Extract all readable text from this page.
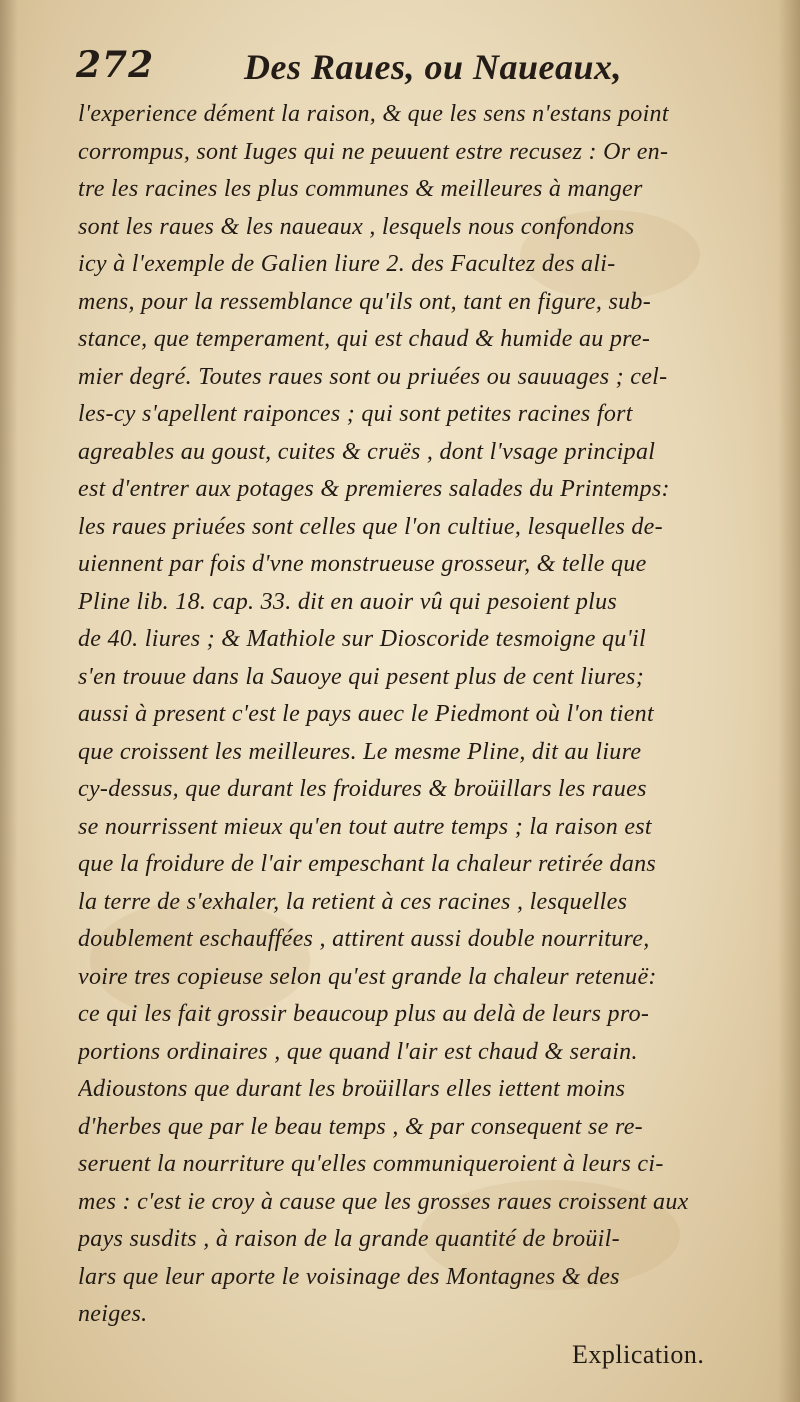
272 Des Raues, ou Naueaux,
l'experience dément la raison, & que les sens n'estans point
corrompus, sont Iuges qui ne peuuent estre recusez : Or en-
tre les racines les plus communes & meilleures à manger
sont les raues & les naueaux , lesquels nous confondons
icy à l'exemple de Galien liure 2. des Facultez des ali-
mens, pour la ressemblance qu'ils ont, tant en figure, sub-
stance, que temperament, qui est chaud & humide au pre-
mier degré. Toutes raues sont ou priuées ou sauuages ; cel-
les-cy s'apellent raiponces ; qui sont petites racines fort
agreables au goust, cuites & cruës , dont l'vsage principal
est d'entrer aux potages & premieres salades du Printemps:
les raues priuées sont celles que l'on cultiue, lesquelles de-
uiennent par fois d'vne monstrueuse grosseur, & telle que
Pline lib. 18. cap. 33. dit en auoir vû qui pesoient plus
de 40. liures ; & Mathiole sur Dioscoride tesmoigne qu'il
s'en trouue dans la Sauoye qui pesent plus de cent liures;
aussi à present c'est le pays auec le Piedmont où l'on tient
que croissent les meilleures. Le mesme Pline, dit au liure
cy-dessus, que durant les froidures & broüillars les raues
se nourrissent mieux qu'en tout autre temps ; la raison est
que la froidure de l'air empeschant la chaleur retirée dans
la terre de s'exhaler, la retient à ces racines , lesquelles
doublement eschauffées , attirent aussi double nourriture,
voire tres copieuse selon qu'est grande la chaleur retenuë:
ce qui les fait grossir beaucoup plus au delà de leurs pro-
portions ordinaires , que quand l'air est chaud & serain.
Adioustons que durant les broüillars elles iettent moins
d'herbes que par le beau temps , & par consequent se re-
seruent la nourriture qu'elles communiqueroient à leurs ci-
mes : c'est ie croy à cause que les grosses raues croissent aux
pays susdits , à raison de la grande quantité de broüil-
lars que leur aporte le voisinage des Montagnes & des
neiges.
Explication.
